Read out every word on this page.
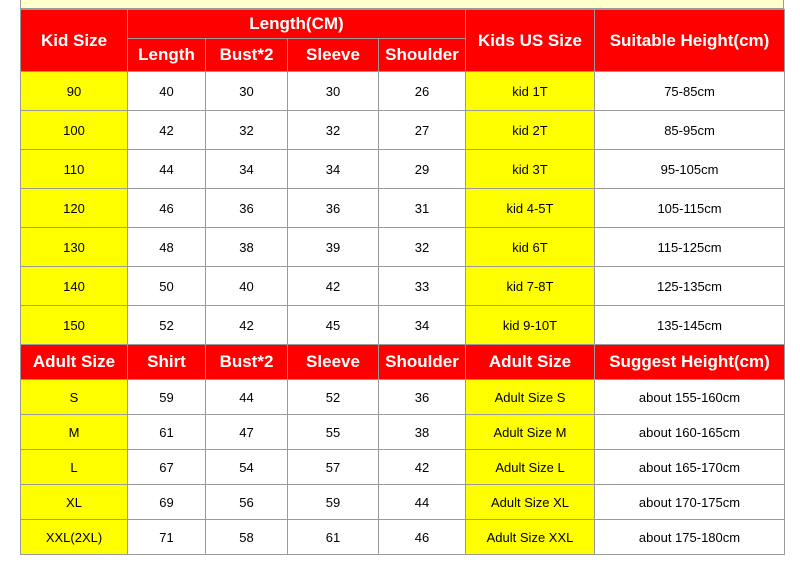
Kid Size	Length(CM)				Kids US Size	Suitable Height(cm)
	Length	Bust*2	Sleeve	Shoulder		
90	40	30	30	26	kid 1T	75-85cm
100	42	32	32	27	kid 2T	85-95cm
110	44	34	34	29	kid 3T	95-105cm
120	46	36	36	31	kid 4-5T	105-115cm
130	48	38	39	32	kid 6T	115-125cm
140	50	40	42	33	kid 7-8T	125-135cm
150	52	42	45	34	kid 9-10T	135-145cm
Adult Size	Shirt	Bust*2	Sleeve	Shoulder	Adult Size	Suggest Height(cm)
S	59	44	52	36	Adult Size S	about 155-160cm
M	61	47	55	38	Adult Size M	about 160-165cm
L	67	54	57	42	Adult Size L	about 165-170cm
XL	69	56	59	44	Adult Size XL	about 170-175cm
XXL(2XL)	71	58	61	46	Adult Size XXL	about 175-180cm
